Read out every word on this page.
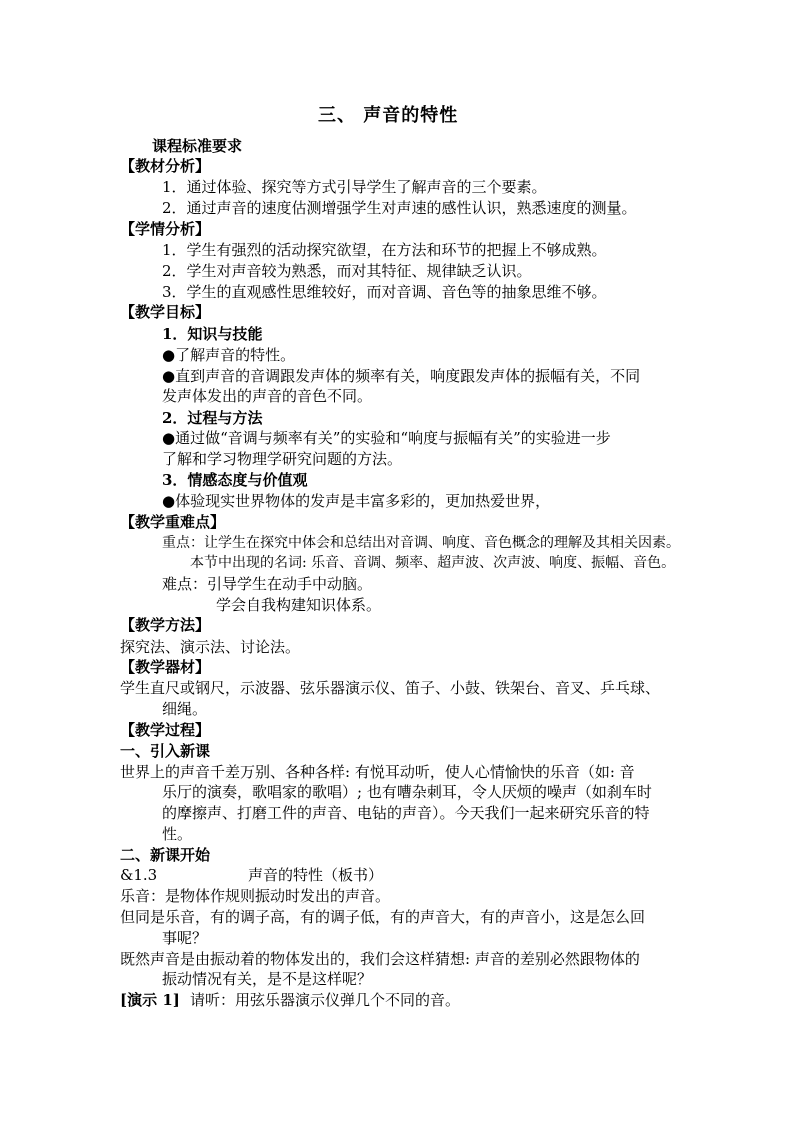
三、 声音的特性
课程标准要求
【教材分析】
1．通过体验、探究等方式引导学生了解声音的三个要素。
2．通过声音的速度估测增强学生对声速的感性认识，熟悉速度的测量。
【学情分析】
1．学生有强烈的活动探究欲望，在方法和环节的把握上不够成熟。
2．学生对声音较为熟悉，而对其特征、规律缺乏认识。
3．学生的直观感性思维较好，而对音调、音色等的抽象思维不够。
【教学目标】
1．知识与技能
●了解声音的特性。
●直到声音的音调跟发声体的频率有关，响度跟发声体的振幅有关，不同
发声体发出的声音的音色不同。
2．过程与方法
●通过做“音调与频率有关”的实验和“响度与振幅有关”的实验进一步
了解和学习物理学研究问题的方法。
3．情感态度与价值观
●体验现实世界物体的发声是丰富多彩的，更加热爱世界，
【教学重难点】
重点：让学生在探究中体会和总结出对音调、响度、音色概念的理解及其相关因素。
本节中出现的名词: 乐音、音调、频率、超声波、次声波、响度、振幅、音色。
难点：引导学生在动手中动脑。
学会自我构建知识体系。
【教学方法】
探究法、演示法、讨论法。
【教学器材】
学生直尺或钢尺，示波器、弦乐器演示仪、笛子、小鼓、铁架台、音叉、乒乓球、
细绳。
【教学过程】
一、引入新课
世界上的声音千差万别、各种各样: 有悦耳动听，使人心情愉快的乐音（如: 音
乐厅的演奏，歌唱家的歌唱）; 也有嘈杂刺耳，令人厌烦的噪声（如刹车时
的摩擦声、打磨工件的声音、电钻的声音）。今天我们一起来研究乐音的特
性。
二、新课开始
&1.3	声音的特性（板书）
乐音：是物体作规则振动时发出的声音。
但同是乐音，有的调子高，有的调子低，有的声音大，有的声音小，这是怎么回
事呢？
既然声音是由振动着的物体发出的，我们会这样猜想: 声音的差别必然跟物体的
振动情况有关，是不是这样呢？
[演示 1] 请听：用弦乐器演示仪弹几个不同的音。
